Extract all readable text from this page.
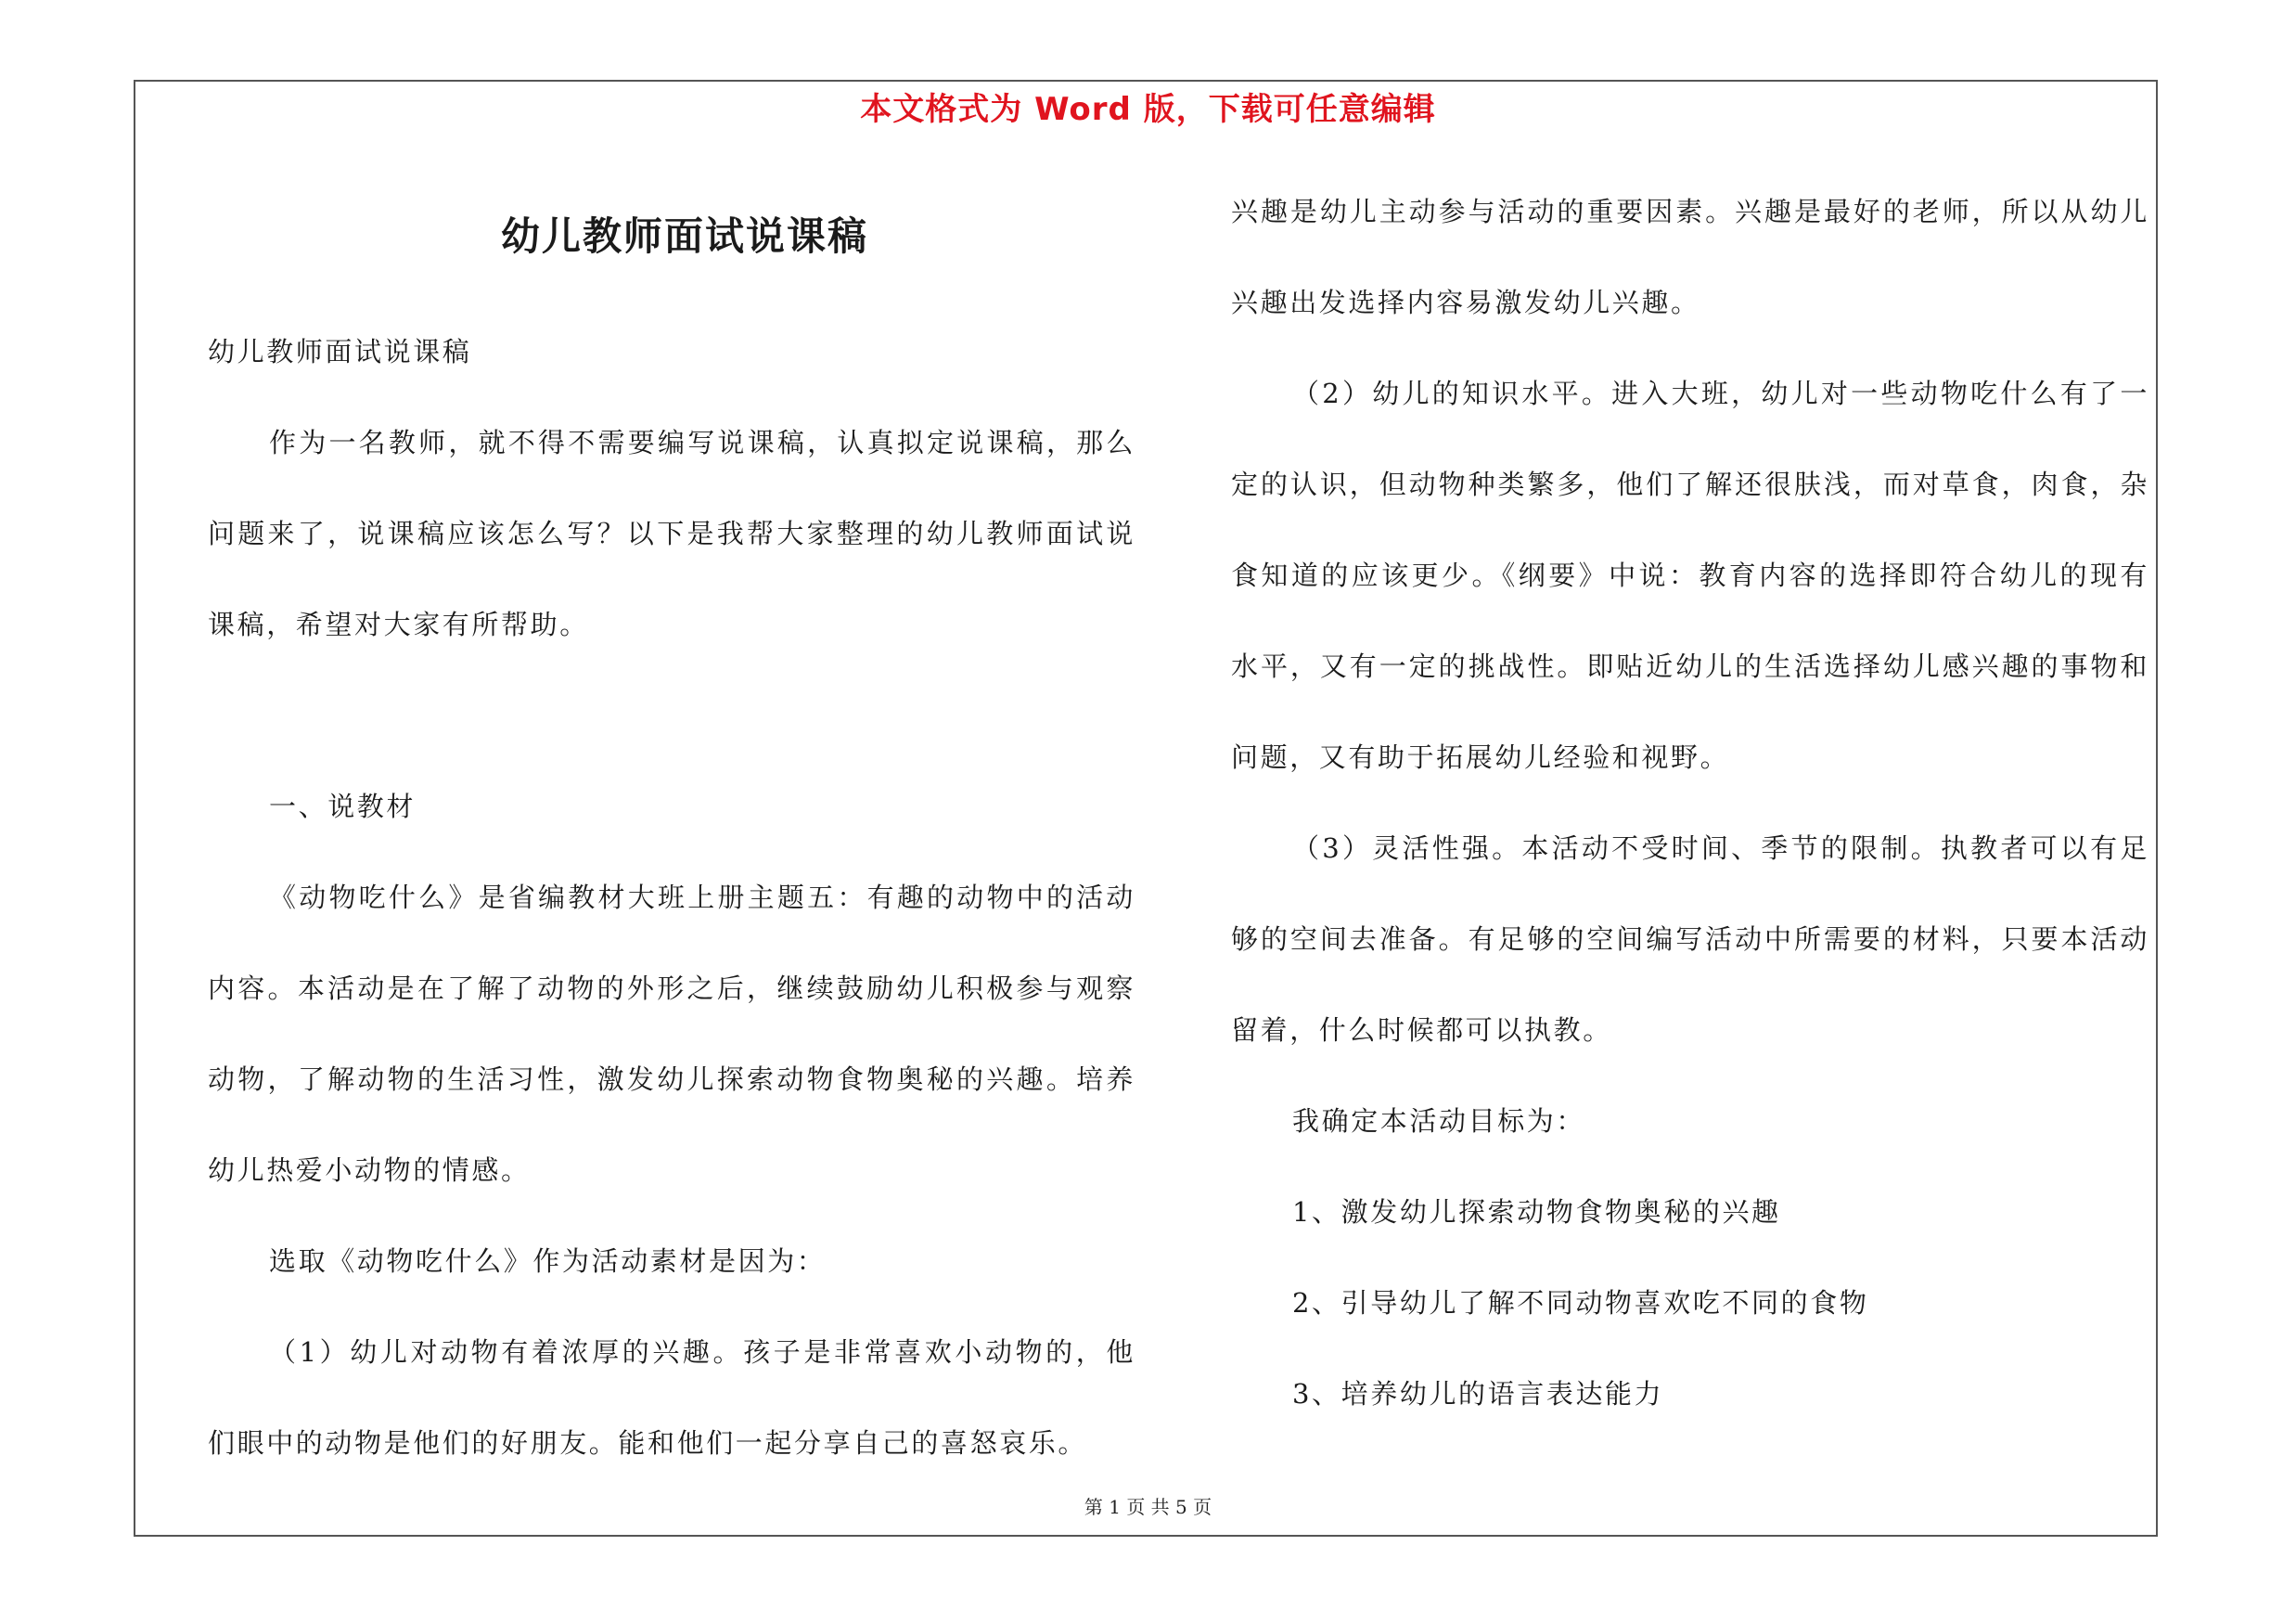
本文格式为 Word 版，下载可任意编辑
幼儿教师面试说课稿

幼儿教师面试说课稿

作为一名教师，就不得不需要编写说课稿，认真拟定说课稿，那么问题来了，说课稿应该怎么写？以下是我帮大家整理的幼儿教师面试说课稿，希望对大家有所帮助。

一、说教材

《动物吃什么》是省编教材大班上册主题五：有趣的动物中的活动内容。本活动是在了解了动物的外形之后，继续鼓励幼儿积极参与观察动物，了解动物的生活习性，激发幼儿探索动物食物奥秘的兴趣。培养幼儿热爱小动物的情感。

选取《动物吃什么》作为活动素材是因为：

（1）幼儿对动物有着浓厚的兴趣。孩子是非常喜欢小动物的，他们眼中的动物是他们的好朋友。能和他们一起分享自己的喜怒哀乐。

兴趣是幼儿主动参与活动的重要因素。兴趣是最好的老师，所以从幼儿兴趣出发选择内容易激发幼儿兴趣。

（2）幼儿的知识水平。进入大班，幼儿对一些动物吃什么有了一定的认识，但动物种类繁多，他们了解还很肤浅，而对草食，肉食，杂食知道的应该更少。《纲要》中说：教育内容的选择即符合幼儿的现有水平，又有一定的挑战性。即贴近幼儿的生活选择幼儿感兴趣的事物和问题，又有助于拓展幼儿经验和视野。

（3）灵活性强。本活动不受时间、季节的限制。执教者可以有足够的空间去准备。有足够的空间编写活动中所需要的材料，只要本活动留着，什么时候都可以执教。

我确定本活动目标为：

1、激发幼儿探索动物食物奥秘的兴趣

2、引导幼儿了解不同动物喜欢吃不同的食物

3、培养幼儿的语言表达能力

第 1 页 共 5 页
